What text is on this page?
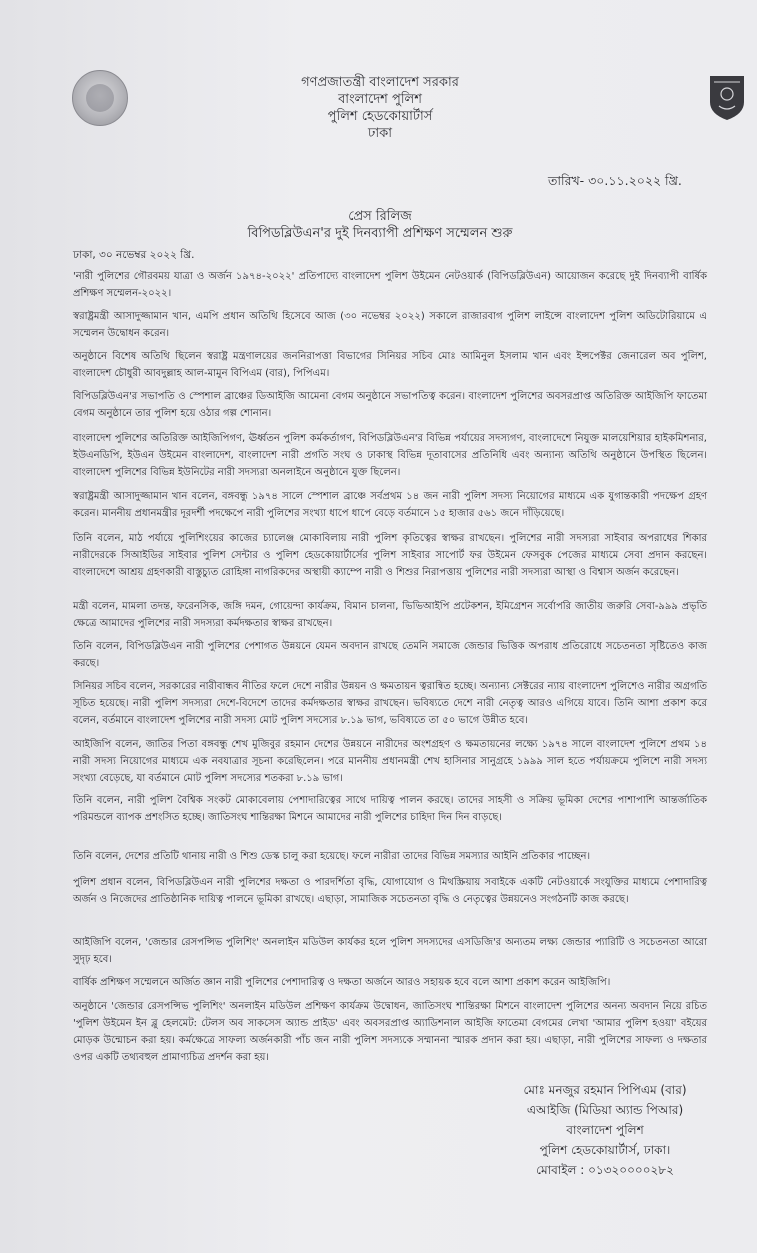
গণপ্রজাতন্ত্রী বাংলাদেশ সরকার
বাংলাদেশ পুলিশ
পুলিশ হেডকোয়ার্টার্স
ঢাকা
তারিখ- ৩০.১১.২০২২ খ্রি.
প্রেস রিলিজ
বিপিডব্লিউএন'র দুই দিনব্যাপী প্রশিক্ষণ সম্মেলন শুরু
ঢাকা, ৩০ নভেম্বর ২০২২ খ্রি.

'নারী পুলিশের গৌরবময় যাত্রা ও অর্জন ১৯৭৪-২০২২' প্রতিপাদ্যে বাংলাদেশ পুলিশ উইমেন নেটওয়ার্ক (বিপিডব্লিউএন) আয়োজন করেছে দুই দিনব্যাপী বার্ষিক প্রশিক্ষণ সম্মেলন-২০২২।

স্বরাষ্ট্রমন্ত্রী আসাদুজ্জামান খান, এমপি প্রধান অতিথি হিসেবে আজ (৩০ নভেম্বর ২০২২) সকালে রাজারবাগ পুলিশ লাইন্সে বাংলাদেশ পুলিশ অডিটোরিয়ামে এ সম্মেলন উদ্বোধন করেন।

অনুষ্ঠানে বিশেষ অতিথি ছিলেন স্বরাষ্ট্র মন্ত্রণালয়ের জননিরাপত্তা বিভাগের সিনিয়র সচিব মোঃ আমিনুল ইসলাম খান এবং ইন্সপেক্টর জেনারেল অব পুলিশ, বাংলাদেশ চৌধুরী আবদুল্লাহ আল-মামুন বিপিএম (বার), পিপিএম।

বিপিডব্লিউএন'র সভাপতি ও স্পেশাল ব্রাঞ্চের ডিআইজি আমেনা বেগম অনুষ্ঠানে সভাপতিত্ব করেন। বাংলাদেশ পুলিশের অবসরপ্রাপ্ত অতিরিক্ত আইজিপি ফাতেমা বেগম অনুষ্ঠানে তার পুলিশ হয়ে ওঠার গল্প শোনান।

বাংলাদেশ পুলিশের অতিরিক্ত আইজিপিগণ, ঊর্ধ্বতন পুলিশ কর্মকর্তাগণ, বিপিডব্লিউএন'র বিভিন্ন পর্যায়ের সদস্যগণ, বাংলাদেশে নিযুক্ত মালয়েশিয়ার হাইকমিশনার, ইউএনডিপি, ইউএন উইমেন বাংলাদেশ, বাংলাদেশ নারী প্রগতি সংঘ ও ঢাকাস্থ বিভিন্ন দূতাবাসের প্রতিনিধি এবং অন্যান্য অতিথি অনুষ্ঠানে উপস্থিত ছিলেন। বাংলাদেশ পুলিশের বিভিন্ন ইউনিটের নারী সদস্যরা অনলাইনে অনুষ্ঠানে যুক্ত ছিলেন।

স্বরাষ্ট্রমন্ত্রী আসাদুজ্জামান খান বলেন, বঙ্গবন্ধু ১৯৭৪ সালে স্পেশাল ব্রাঞ্চে সর্বপ্রথম ১৪ জন নারী পুলিশ সদস্য নিয়োগের মাধ্যমে এক যুগান্তকারী পদক্ষেপ গ্রহণ করেন। মাননীয় প্রধানমন্ত্রীর দূরদর্শী পদক্ষেপে নারী পুলিশের সংখ্যা ধাপে ধাপে বেড়ে বর্তমানে ১৫ হাজার ৫৬১ জনে দাঁড়িয়েছে।

তিনি বলেন, মাঠ পর্যায়ে পুলিশিংয়ের কাজের চ্যালেঞ্জ মোকাবিলায় নারী পুলিশ কৃতিত্বের স্বাক্ষর রাখছেন। পুলিশের নারী সদস্যরা সাইবার অপরাধের শিকার নারীদেরকে সিআইডির সাইবার পুলিশ সেন্টার ও পুলিশ হেডকোয়ার্টার্সের পুলিশ সাইবার সাপোর্ট ফর উইমেন ফেসবুক পেজের মাধ্যমে সেবা প্রদান করছেন। বাংলাদেশে আশ্রয় গ্রহণকারী বাস্তুচ্যুত রোহিঙ্গা নাগরিকদের অস্থায়ী ক্যাম্পে নারী ও শিশুর নিরাপত্তায় পুলিশের নারী সদস্যরা আস্থা ও বিশ্বাস অর্জন করেছেন।

মন্ত্রী বলেন, মামলা তদন্ত, ফরেনসিক, জঙ্গি দমন, গোয়েন্দা কার্যক্রম, বিমান চালনা, ভিভিআইপি প্রটেকশন, ইমিগ্রেশন সর্বোপরি জাতীয় জরুরি সেবা-৯৯৯ প্রভৃতি ক্ষেত্রে আমাদের পুলিশের নারী সদস্যরা কর্মদক্ষতার স্বাক্ষর রাখছেন।

তিনি বলেন, বিপিডব্লিউএন নারী পুলিশের পেশাগত উন্নয়নে যেমন অবদান রাখছে তেমনি সমাজে জেন্ডার ভিত্তিক অপরাধ প্রতিরোধে সচেতনতা সৃষ্টিতেও কাজ করছে।

সিনিয়র সচিব বলেন, সরকারের নারীবান্ধব নীতির ফলে দেশে নারীর উন্নয়ন ও ক্ষমতায়ন ত্বরান্বিত হচ্ছে। অন্যান্য সেক্টরের ন্যায় বাংলাদেশ পুলিশেও নারীর অগ্রগতি সূচিত হয়েছে। নারী পুলিশ সদস্যরা দেশে-বিদেশে তাদের কর্মদক্ষতার স্বাক্ষর রাখছেন। ভবিষ্যতে দেশে নারী নেতৃত্ব আরও এগিয়ে যাবে। তিনি আশা প্রকাশ করে বলেন, বর্তমানে বাংলাদেশ পুলিশের নারী সদস্য মোট পুলিশ সদস্যের ৮.১৯ ভাগ, ভবিষ্যতে তা ৫০ ভাগে উন্নীত হবে।

আইজিপি বলেন, জাতির পিতা বঙ্গবন্ধু শেখ মুজিবুর রহমান দেশের উন্নয়নে নারীদের অংশগ্রহণ ও ক্ষমতায়নের লক্ষ্যে ১৯৭৪ সালে বাংলাদেশ পুলিশে প্রথম ১৪ নারী সদস্য নিয়োগের মাধ্যমে এক নবযাত্রার সূচনা করেছিলেন। পরে মাননীয় প্রধানমন্ত্রী শেখ হাসিনার সানুগ্রহে ১৯৯৯ সাল হতে পর্যায়ক্রমে পুলিশে নারী সদস্য সংখ্যা বেড়েছে, যা বর্তমানে মোট পুলিশ সদস্যের শতকরা ৮.১৯ ভাগ।

তিনি বলেন, নারী পুলিশ বৈশ্বিক সংকট মোকাবেলায় পেশাদারিত্বের সাথে দায়িত্ব পালন করছে। তাদের সাহসী ও সক্রিয় ভূমিকা দেশের পাশাপাশি আন্তর্জাতিক পরিমন্ডলে ব্যাপক প্রশংসিত হচ্ছে। জাতিসংঘ শান্তিরক্ষা মিশনে আমাদের নারী পুলিশের চাহিদা দিন দিন বাড়ছে।

তিনি বলেন, দেশের প্রতিটি থানায় নারী ও শিশু ডেস্ক চালু করা হয়েছে। ফলে নারীরা তাদের বিভিন্ন সমস্যার আইনি প্রতিকার পাচ্ছেন।

পুলিশ প্রধান বলেন, বিপিডব্লিউএন নারী পুলিশের দক্ষতা ও পারদর্শিতা বৃদ্ধি, যোগাযোগ ও মিথস্ক্রিয়ায় সবাইকে একটি নেটওয়ার্কে সংযুক্তির মাধ্যমে পেশাদারিত্ব অর্জন ও নিজেদের প্রাতিষ্ঠানিক দায়িত্ব পালনে ভূমিকা রাখছে। এছাড়া, সামাজিক সচেতনতা বৃদ্ধি ও নেতৃত্বের উন্নয়নেও সংগঠনটি কাজ করছে।

আইজিপি বলেন, 'জেন্ডার রেসপন্সিভ পুলিশিং' অনলাইন মডিউল কার্যকর হলে পুলিশ সদস্যদের এসডিজি'র অন্যতম লক্ষ্য জেন্ডার প্যারিটি ও সচেতনতা আরো সুদৃঢ় হবে।

বার্ষিক প্রশিক্ষণ সম্মেলনে অর্জিত জ্ঞান নারী পুলিশের পেশাদারিত্ব ও দক্ষতা অর্জনে আরও সহায়ক হবে বলে আশা প্রকাশ করেন আইজিপি।

অনুষ্ঠানে 'জেন্ডার রেসপন্সিভ পুলিশিং' অনলাইন মডিউল প্রশিক্ষণ কার্যক্রম উদ্বোধন, জাতিসংঘ শান্তিরক্ষা মিশনে বাংলাদেশ পুলিশের অনন্য অবদান নিয়ে রচিত 'পুলিশ উইমেন ইন ব্লু হেলমেট: টেলস অব সাকসেস অ্যান্ড প্রাইড' এবং অবসরপ্রাপ্ত অ্যাডিশনাল আইজি ফাতেমা বেগমের লেখা 'আমার পুলিশ হওয়া' বইয়ের মোড়ক উন্মোচন করা হয়। কর্মক্ষেত্রে সাফল্য অর্জনকারী পাঁচ জন নারী পুলিশ সদস্যকে সম্মাননা স্মারক প্রদান করা হয়। এছাড়া, নারী পুলিশের সাফল্য ও দক্ষতার ওপর একটি তথ্যবহুল প্রামাণ্যচিত্র প্রদর্শন করা হয়।

মোঃ মনজুর রহমান পিপিএম (বার)
এআইজি (মিডিয়া অ্যান্ড পিআর)
বাংলাদেশ পুলিশ
পুলিশ হেডকোয়ার্টার্স, ঢাকা।
মোবাইল : ০১৩২০০০০২৮২
